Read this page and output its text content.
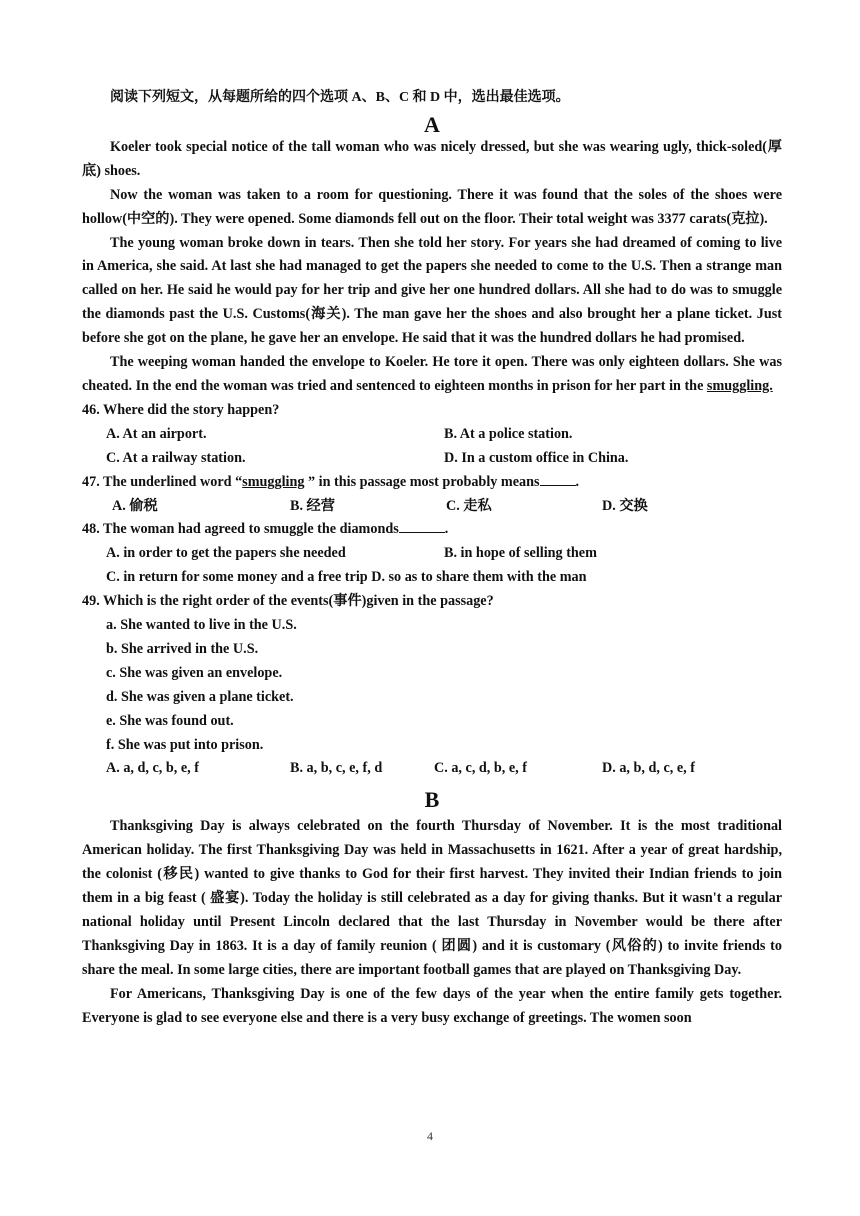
阅读下列短文，从每题所给的四个选项 A、B、C 和 D 中，选出最佳选项。

A

Koeler took special notice of the tall woman who was nicely dressed, but she was wearing ugly, thick-soled(厚底) shoes.

Now the woman was taken to a room for questioning. There it was found that the soles of the shoes were hollow(中空的). They were opened. Some diamonds fell out on the floor. Their total weight was 3377 carats(克拉).

The young woman broke down in tears. Then she told her story. For years she had dreamed of coming to live in America, she said. At last she had managed to get the papers she needed to come to the U.S. Then a strange man called on her. He said he would pay for her trip and give her one hundred dollars. All she had to do was to smuggle the diamonds past the U.S. Customs(海关). The man gave her the shoes and also brought her a plane ticket. Just before she got on the plane, he gave her an envelope. He said that it was the hundred dollars he had promised.

The weeping woman handed the envelope to Koeler. He tore it open. There was only eighteen dollars. She was cheated. In the end the woman was tried and sentenced to eighteen months in prison for her part in the smuggling.

46. Where did the story happen?

A. At an airport.	B. At a police station.

C. At a railway station.	D. In a custom office in China.

47. The underlined word “smuggling ” in this passage most probably means	.

A. 偷税	B. 经营	C. 走私	D. 交换

48. The woman had agreed to smuggle the diamonds	.

A. in order to get the papers she needed	B. in hope of selling them

C. in return for some money and a free trip D. so as to share them with the man

49. Which is the right order of the events(事件)given in the passage?

a. She wanted to live in the U.S.

b. She arrived in the U.S.

c. She was given an envelope.

d. She was given a plane ticket.

e. She was found out.

f. She was put into prison.

A. a, d, c, b, e, f	B. a, b, c, e, f, d	C. a, c, d, b, e, f	D. a, b, d, c, e, f

B

Thanksgiving Day is always celebrated on the fourth Thursday of November. It is the most traditional American holiday. The first Thanksgiving Day was held in Massachusetts in 1621. After a year of great hardship, the colonist (移民) wanted to give thanks to God for their first harvest. They invited their Indian friends to join them in a big feast ( 盛宴). Today the holiday is still celebrated as a day for giving thanks. But it wasn't a regular national holiday until Present Lincoln declared that the last Thursday in November would be there after Thanksgiving Day in 1863. It is a day of family reunion ( 团圆) and it is customary (风俗的) to invite friends to share the meal. In some large cities, there are important football games that are played on Thanksgiving Day.

For Americans, Thanksgiving Day is one of the few days of the year when the entire family gets together. Everyone is glad to see everyone else and there is a very busy exchange of greetings. The women soon

4
